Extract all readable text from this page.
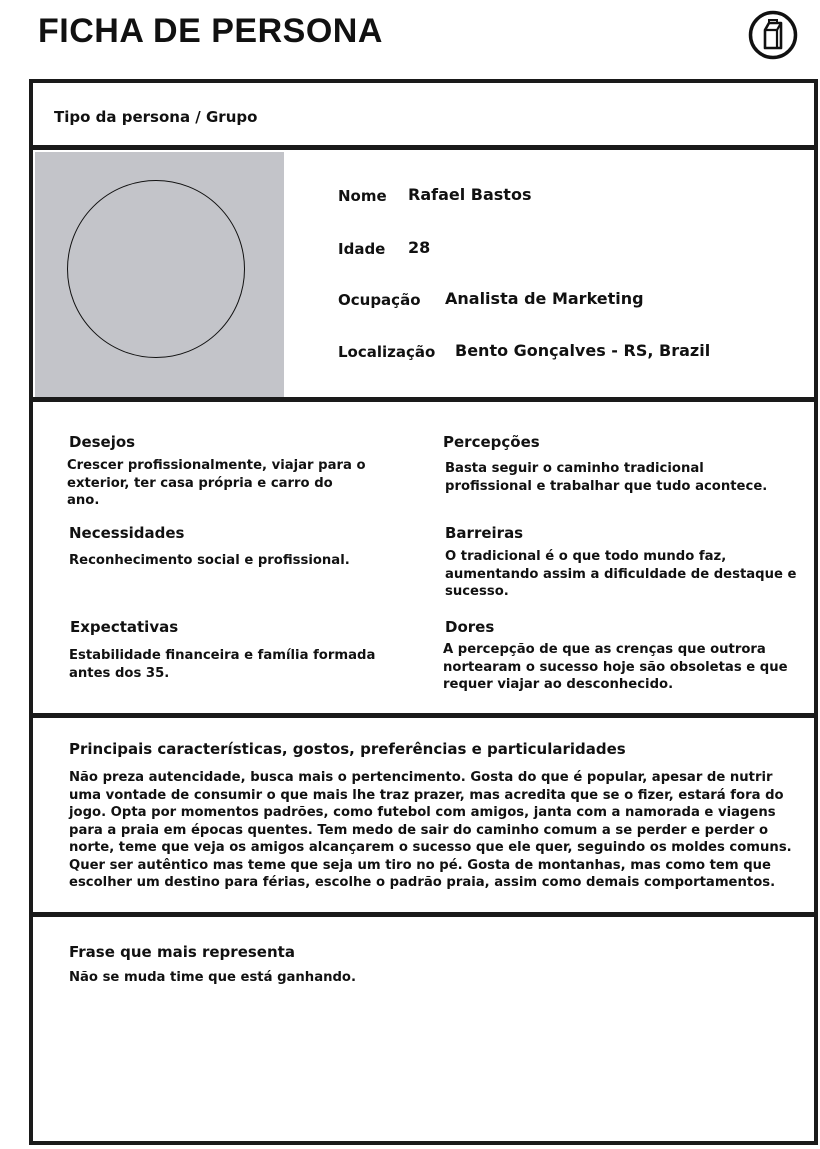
FICHA DE PERSONA
Tipo da persona / Grupo
Nome Rafael Bastos
Idade 28
Ocupação Analista de Marketing
Localização Bento Gonçalves - RS, Brazil
Desejos
Crescer profissionalmente, viajar para o exterior, ter casa própria e carro do ano.
Percepções
Basta seguir o caminho tradicional profissional e trabalhar que tudo acontece.
Necessidades
Reconhecimento social e profissional.
Barreiras
O tradicional é o que todo mundo faz, aumentando assim a dificuldade de destaque e sucesso.
Expectativas
Estabilidade financeira e família formada antes dos 35.
Dores
A percepção de que as crenças que outrora nortearam o sucesso hoje são obsoletas e que requer viajar ao desconhecido.
Principais características, gostos, preferências e particularidades
Não preza autencidade, busca mais o pertencimento. Gosta do que é popular, apesar de nutrir uma vontade de consumir o que mais lhe traz prazer, mas acredita que se o fizer, estará fora do jogo. Opta por momentos padrões, como futebol com amigos, janta com a namorada e viagens para a praia em épocas quentes. Tem medo de sair do caminho comum a se perder e perder o norte, teme que veja os amigos alcançarem o sucesso que ele quer, seguindo os moldes comuns. Quer ser autêntico mas teme que seja um tiro no pé. Gosta de montanhas, mas como tem que escolher um destino para férias, escolhe o padrão praia, assim como demais comportamentos.
Frase que mais representa
Não se muda time que está ganhando.
